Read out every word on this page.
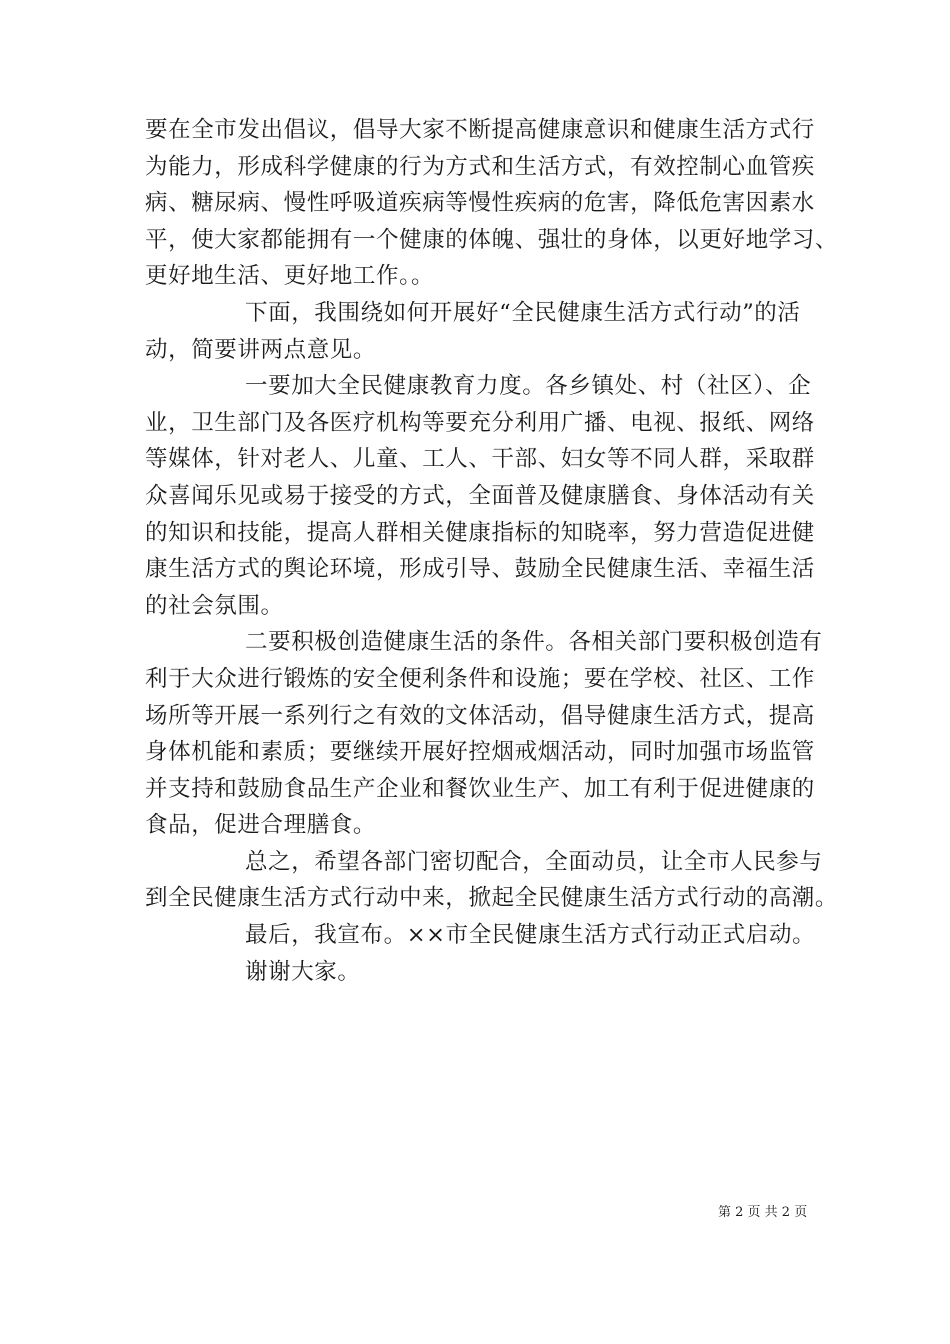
要在全市发出倡议，倡导大家不断提高健康意识和健康生活方式行
为能力，形成科学健康的行为方式和生活方式，有效控制心血管疾
病、糖尿病、慢性呼吸道疾病等慢性疾病的危害，降低危害因素水
平，使大家都能拥有一个健康的体魄、强壮的身体，以更好地学习、
更好地生活、更好地工作。。
下面，我围绕如何开展好“全民健康生活方式行动”的活
动，简要讲两点意见。
一要加大全民健康教育力度。各乡镇处、村（社区）、企
业，卫生部门及各医疗机构等要充分利用广播、电视、报纸、网络
等媒体，针对老人、儿童、工人、干部、妇女等不同人群，采取群
众喜闻乐见或易于接受的方式，全面普及健康膳食、身体活动有关
的知识和技能，提高人群相关健康指标的知晓率，努力营造促进健
康生活方式的舆论环境，形成引导、鼓励全民健康生活、幸福生活
的社会氛围。
二要积极创造健康生活的条件。各相关部门要积极创造有
利于大众进行锻炼的安全便利条件和设施；要在学校、社区、工作
场所等开展一系列行之有效的文体活动，倡导健康生活方式，提高
身体机能和素质；要继续开展好控烟戒烟活动，同时加强市场监管
并支持和鼓励食品生产企业和餐饮业生产、加工有利于促进健康的
食品，促进合理膳食。
总之，希望各部门密切配合，全面动员，让全市人民参与
到全民健康生活方式行动中来，掀起全民健康生活方式行动的高潮。
最后，我宣布。××市全民健康生活方式行动正式启动。
谢谢大家。
第 2 页 共 2 页
